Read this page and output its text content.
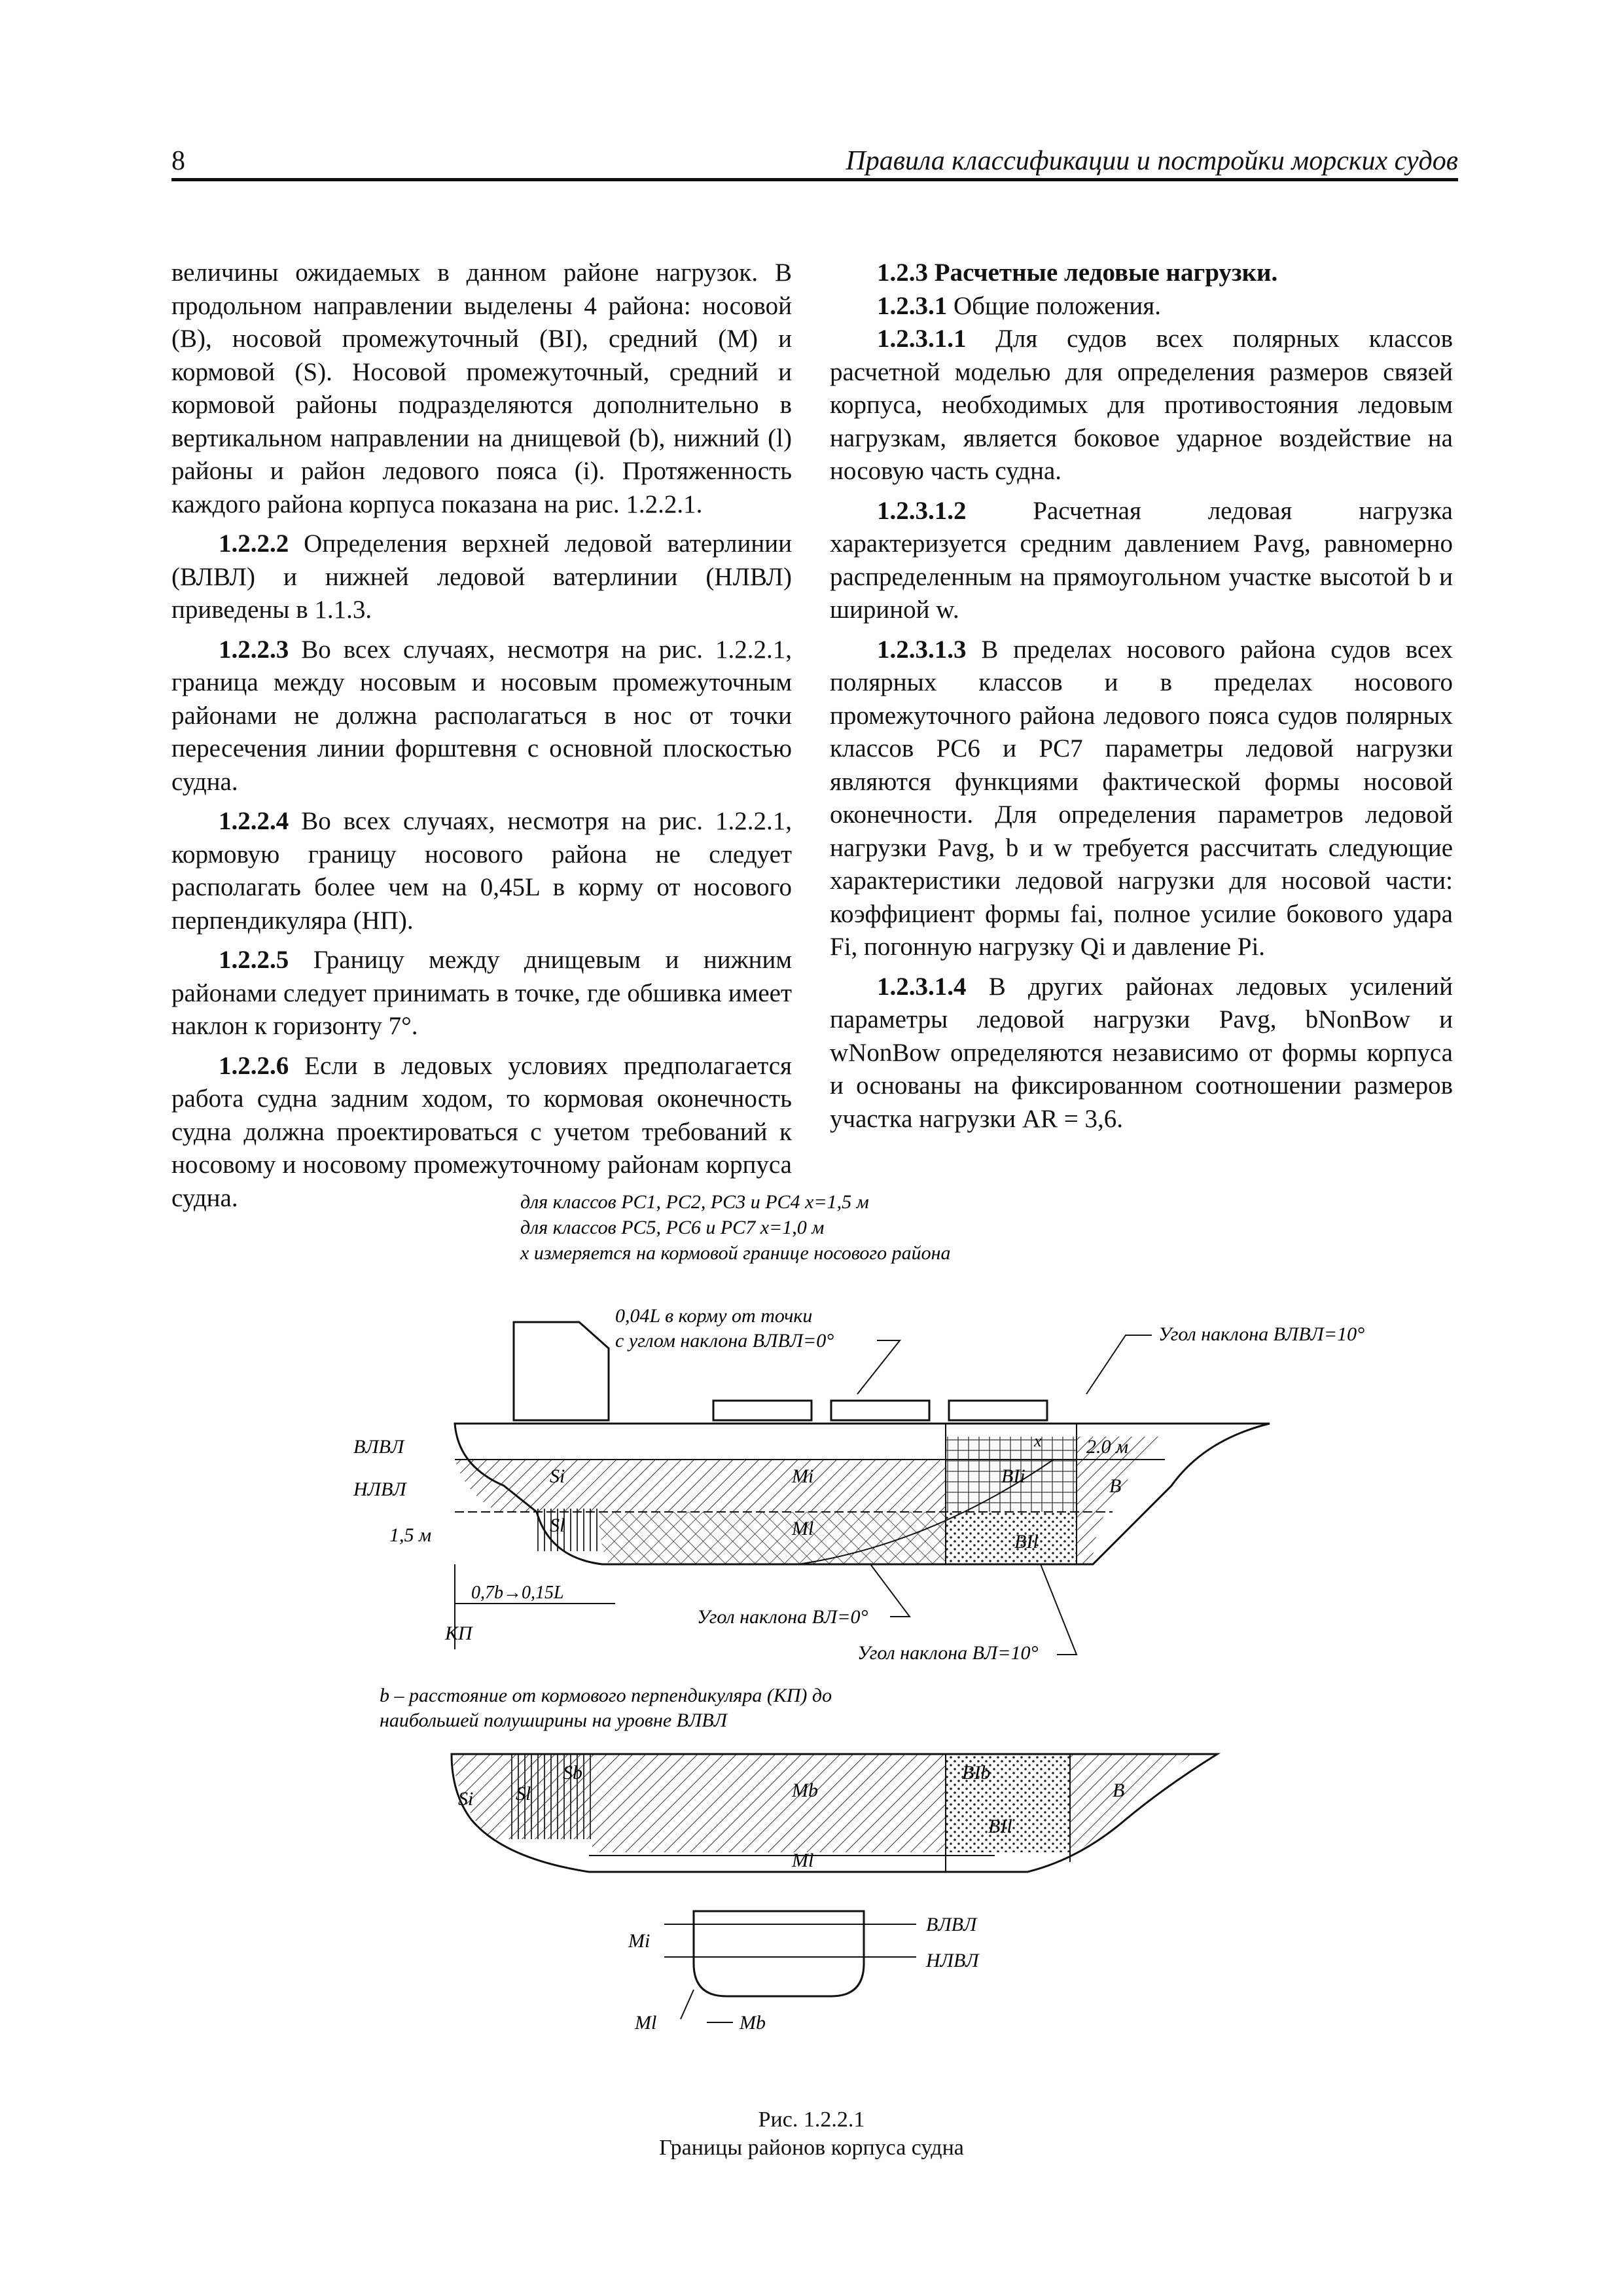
8	Правила классификации и постройки морских судов

величины ожидаемых в данном районе нагрузок. В продольном направлении выделены 4 района: носовой (B), носовой промежуточный (BI), средний (M) и кормовой (S). Носовой промежуточный, средний и кормовой районы подразделяются дополнительно в вертикальном направлении на днищевой (b), нижний (l) районы и район ледового пояса (i). Протяженность каждого района корпуса показана на рис. 1.2.2.1.

1.2.2.2 Определения верхней ледовой ватерлинии (ВЛВЛ) и нижней ледовой ватерлинии (НЛВЛ) приведены в 1.1.3.

1.2.2.3 Во всех случаях, несмотря на рис. 1.2.2.1, граница между носовым и носовым промежуточным районами не должна располагаться в нос от точки пересечения линии форштевня с основной плоскостью судна.

1.2.2.4 Во всех случаях, несмотря на рис. 1.2.2.1, кормовую границу носового района не следует располагать более чем на 0,45L в корму от носового перпендикуляра (НП).

1.2.2.5 Границу между днищевым и нижним районами следует принимать в точке, где обшивка имеет наклон к горизонту 7°.

1.2.2.6 Если в ледовых условиях предполагается работа судна задним ходом, то кормовая оконечность судна должна проектироваться с учетом требований к носовому и носовому промежуточному районам корпуса судна.

1.2.3 Расчетные ледовые нагрузки.

1.2.3.1 Общие положения.

1.2.3.1.1 Для судов всех полярных классов расчетной моделью для определения размеров связей корпуса, необходимых для противостояния ледовым нагрузкам, является боковое ударное воздействие на носовую часть судна.

1.2.3.1.2 Расчетная ледовая нагрузка характеризуется средним давлением Pavg, равномерно распределенным на прямоугольном участке высотой b и шириной w.

1.2.3.1.3 В пределах носового района судов всех полярных классов и в пределах носового промежуточного района ледового пояса судов полярных классов PC6 и PC7 параметры ледовой нагрузки являются функциями фактической формы носовой оконечности. Для определения параметров ледовой нагрузки Pavg, b и w требуется рассчитать следующие характеристики ледовой нагрузки для носовой части: коэффициент формы fai, полное усилие бокового удара Fi, погонную нагрузку Qi и давление Pi.

1.2.3.1.4 В других районах ледовых усилений параметры ледовой нагрузки Pavg, bNonBow и wNonBow определяются независимо от формы корпуса и основаны на фиксированном соотношении размеров участка нагрузки AR = 3,6.

для классов PC1, PC2, PC3 и PC4 x=1,5 м
для классов PC5, PC6 и PC7 x=1,0 м
x измеряется на кормовой границе носового района
ВЛВЛ
НЛВЛ
1,5 м
2.0 м
x
Si
Sl
Mi
Ml
BIi
BIl
B
0,04L в корму от точки
с углом наклона ВЛВЛ=0°	Угол наклона ВЛВЛ=10°
0,7b→0,15L
КП
Угол наклона ВЛ=0°
Угол наклона ВЛ=10°
b – расстояние от кормового перпендикуляра (КП) до
наибольшей полуширины на уровне ВЛВЛ
Si Sl
Sb
Mb
Ml
BIb
BIl
B
ВЛВЛ
НЛВЛ
Mi
Ml	Mb
Рис. 1.2.2.1
Границы районов корпуса судна
